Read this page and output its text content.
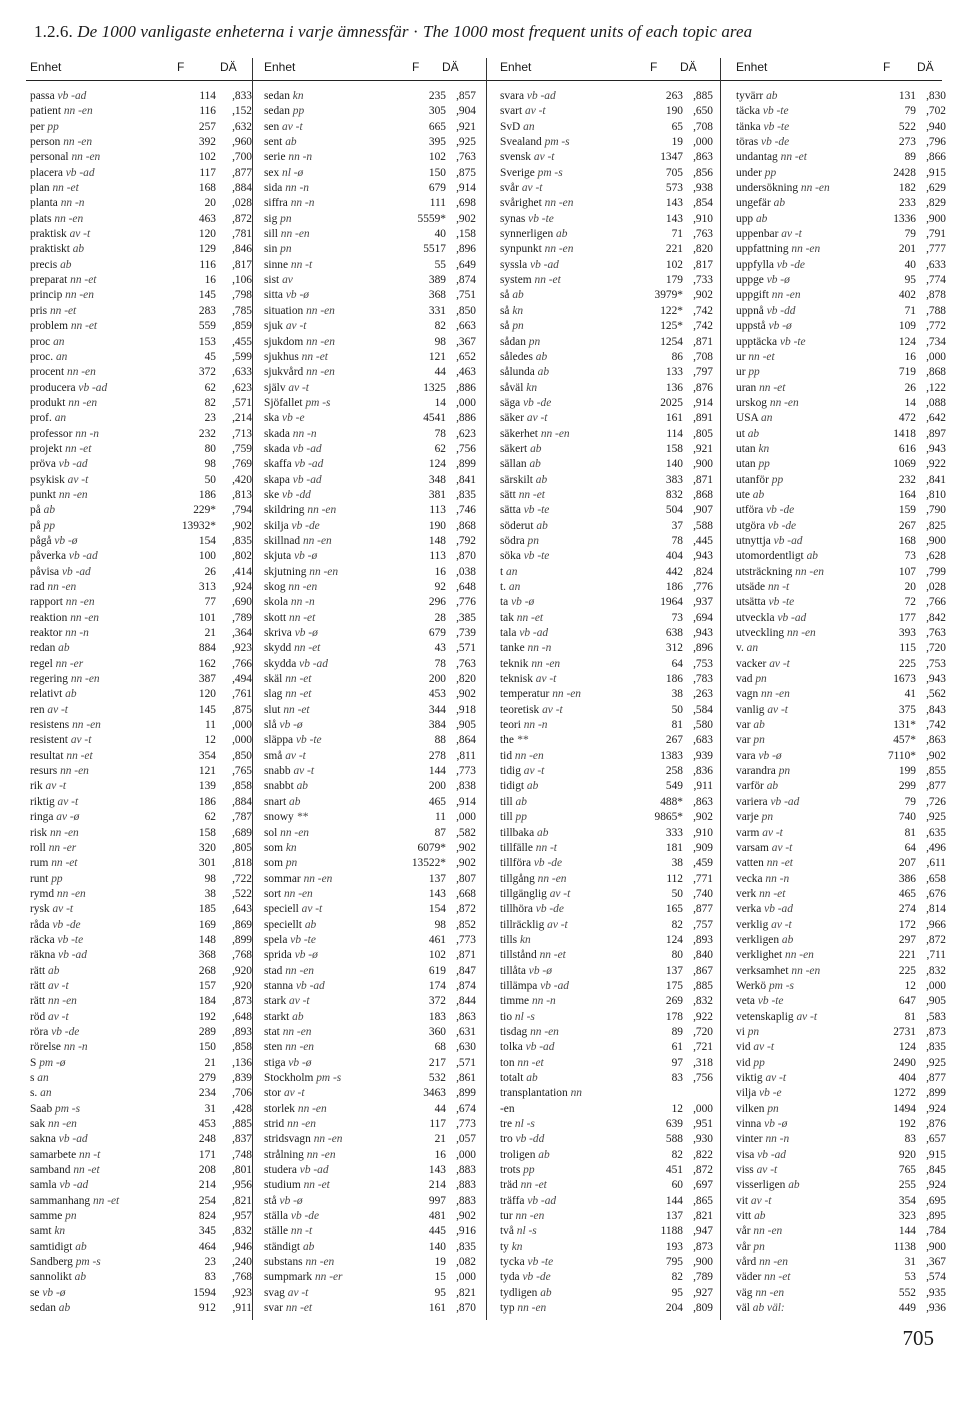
1.2.6. De 1000 vanligaste enheterna i varje ämnessfär · The 1000 most frequent units of each topic area
Enhet	F	DÄ Enhet	F DÄ	Enhet	F DÄ	Enhet	F DÄ
passa vb -ad	114 ,833
patient nn -en	116 ,152
per pp	257 ,632
person nn -en	392 ,960
personal nn -en	102 ,700
placera vb -ad	117 ,877
plan nn -et	168 ,884
planta nn -n	20 ,028
plats nn -en	463 ,872
praktisk av -t	120 ,781
praktiskt ab	129 ,846
precis ab	116 ,817
preparat nn -et	16 ,106
princip nn -en	145 ,798
pris nn -et	283 ,785
problem nn -et	559 ,859
proc an	153 ,455
proc. an	45 ,599
procent nn -en	372 ,633
producera vb -ad	62 ,623
produkt nn -en	82 ,571
prof. an	23 ,214
professor nn -n	232 ,713
projekt nn -et	80 ,759
pröva vb -ad	98 ,769
psykisk av -t	50 ,420
punkt nn -en	186 ,813
på ab	229* ,794
på pp	13932* ,902
pågå vb -ø	154 ,835
påverka vb -ad	100 ,802
påvisa vb -ad	26 ,414
rad nn -en	313 ,924
rapport nn -en	77 ,690
reaktion nn -en	101 ,789
reaktor nn -n	21 ,364
redan ab	884 ,923
regel nn -er	162 ,766
regering nn -en	387 ,494
relativt ab	120 ,761
ren av -t	145 ,875
resistens nn -en	11 ,000
resistent av -t	12 ,000
resultat nn -et	354 ,850
resurs nn -en	121 ,765
rik av -t	139 ,858
riktig av -t	186 ,884
ringa av -ø	62 ,787
risk nn -en	158 ,689
roll nn -er	320 ,805
rum nn -et	301 ,818
runt pp	98 ,722
rymd nn -en	38 ,522
rysk av -t	185 ,643
råda vb -de	169 ,869
räcka vb -te	148 ,899
räkna vb -ad	368 ,768
rätt ab	268 ,920
rätt av -t	157 ,920
rätt nn -en	184 ,873
röd av -t	192 ,648
röra vb -de	289 ,893
rörelse nn -n	150 ,858
S pm -ø	21 ,136
s an	279 ,839
s. an	234 ,706
Saab pm -s	31 ,428
sak nn -en	453 ,885
sakna vb -ad	248 ,837
samarbete nn -t	171 ,748
samband nn -et	208 ,801
samla vb -ad	214 ,956
sammanhang nn -et	254 ,821
samme pn	824 ,957
samt kn	345 ,832
samtidigt ab	464 ,946
Sandberg pm -s	23 ,240
sannolikt ab	83 ,768
se vb -ø	1594 ,923
sedan ab	912 ,911
sedan kn	235 ,857
sedan pp	305 ,904
sen av -t	665 ,921
sent ab	395 ,925
serie nn -n	102 ,763
sex nl -ø	150 ,875
sida nn -n	679 ,914
siffra nn -n	111 ,698
sig pn	5559* ,902
sill nn -en	40 ,158
sin pn	5517 ,896
sinne nn -t	55 ,649
sist av	389 ,874
sitta vb -ø	368 ,751
situation nn -en	331 ,850
sjuk av -t	82 ,663
sjukdom nn -en	98 ,367
sjukhus nn -et	121 ,652
sjukvård nn -en	44 ,463
själv av -t	1325 ,886
Sjöfallet pm -s	14 ,000
ska vb -e	4541 ,886
skada nn -n	78 ,623
skada vb -ad	62 ,756
skaffa vb -ad	124 ,899
skapa vb -ad	348 ,841
ske vb -dd	381 ,835
skildring nn -en	113 ,746
skilja vb -de	190 ,868
skillnad nn -en	148 ,792
skjuta vb -ø	113 ,870
skjutning nn -en	16 ,038
skog nn -en	92 ,648
skola nn -n	296 ,776
skott nn -et	28 ,385
skriva vb -ø	679 ,739
skydd nn -et	43 ,571
skydda vb -ad	78 ,763
skäl nn -et	200 ,820
slag nn -et	453 ,902
slut nn -et	344 ,918
slå vb -ø	384 ,905
släppa vb -te	88 ,864
små av -t	278 ,811
snabb av -t	144 ,773
snabbt ab	200 ,838
snart ab	465 ,914
snowy **	11 ,000
sol nn -en	87 ,582
som kn	6079* ,902
som pn	13522* ,902
sommar nn -en	137 ,807
sort nn -en	143 ,668
speciell av -t	154 ,872
speciellt ab	98 ,852
spela vb -te	461 ,773
sprida vb -ø	102 ,871
stad nn -en	619 ,847
stanna vb -ad	174 ,874
stark av -t	372 ,844
starkt ab	183 ,863
stat nn -en	360 ,631
sten nn -en	68 ,630
stiga vb -ø	217 ,571
Stockholm pm -s	532 ,861
stor av -t	3463 ,899
storlek nn -en	44 ,674
strid nn -en	117 ,773
stridsvagn nn -en	21 ,057
strålning nn -en	16 ,000
studera vb -ad	143 ,883
studium nn -et	214 ,883
stå vb -ø	997 ,883
ställa vb -de	481 ,902
ställe nn -t	445 ,916
ständigt ab	140 ,835
substans nn -en	19 ,082
sumpmark nn -er	15 ,000
svag av -t	95 ,821
svar nn -et	161 ,870
svara vb -ad	263 ,885
svart av -t	190 ,650
SvD an	65 ,708
Svealand pm -s	19 ,000
svensk av -t	1347 ,863
Sverige pm -s	705 ,856
svår av -t	573 ,938
svårighet nn -en	143 ,854
synas vb -te	143 ,910
synnerligen ab	71 ,763
synpunkt nn -en	221 ,820
syssla vb -ad	102 ,817
system nn -et	179 ,733
så ab	3979* ,902
så kn	122* ,742
så pn	125* ,742
sådan pn	1254 ,871
således ab	86 ,708
sålunda ab	133 ,797
såväl kn	136 ,876
säga vb -de	2025 ,914
säker av -t	161 ,891
säkerhet nn -en	114 ,805
säkert ab	158 ,921
sällan ab	140 ,900
särskilt ab	383 ,871
sätt nn -et	832 ,868
sätta vb -te	504 ,907
söderut ab	37 ,588
södra pn	78 ,445
söka vb -te	404 ,943
t an	442 ,824
t. an	186 ,776
ta vb -ø	1964 ,937
tak nn -et	73 ,694
tala vb -ad	638 ,943
tanke nn -n	312 ,896
teknik nn -en	64 ,753
teknisk av -t	186 ,783
temperatur nn -en	38 ,263
teoretisk av -t	50 ,584
teori nn -n	81 ,580
the **	267 ,683
tid nn -en	1383 ,939
tidig av -t	258 ,836
tidigt ab	549 ,911
till ab	488* ,863
till pp	9865* ,902
tillbaka ab	333 ,910
tillfälle nn -t	181 ,909
tillföra vb -de	38 ,459
tillgång nn -en	112 ,771
tillgänglig av -t	50 ,740
tillhöra vb -de	165 ,877
tillräcklig av -t	82 ,757
tills kn	124 ,893
tillstånd nn -et	80 ,840
tillåta vb -ø	137 ,867
tillämpa vb -ad	175 ,885
timme nn -n	269 ,832
tio nl -s	178 ,922
tisdag nn -en	89 ,720
tolka vb -ad	61 ,721
ton nn -et	97 ,318
totalt ab	83 ,756
transplantation nn
-en	12 ,000
tre nl -s	639 ,951
tro vb -dd	588 ,930
troligen ab	82 ,822
trots pp	451 ,872
träd nn -et	60 ,697
träffa vb -ad	144 ,865
tur nn -en	137 ,821
två nl -s	1188 ,947
ty kn	193 ,873
tycka vb -te	795 ,900
tyda vb -de	82 ,789
tydligen ab	95 ,927
typ nn -en	204 ,809
tyvärr ab	131 ,830
täcka vb -te	79 ,702
tänka vb -te	522 ,940
töras vb -de	273 ,796
undantag nn -et	89 ,866
under pp	2428 ,915
undersökning nn -en	182 ,629
ungefär ab	233 ,829
upp ab	1336 ,900
uppenbar av -t	79 ,791
uppfattning nn -en	201 ,777
uppfylla vb -de	40 ,633
uppge vb -ø	95 ,774
uppgift nn -en	402 ,878
uppnå vb -dd	71 ,788
uppstå vb -ø	109 ,772
upptäcka vb -te	124 ,734
ur nn -et	16 ,000
ur pp	719 ,868
uran nn -et	26 ,122
urskog nn -en	14 ,088
USA an	472 ,642
ut ab	1418 ,897
utan kn	616 ,943
utan pp	1069 ,922
utanför pp	232 ,841
ute ab	164 ,810
utföra vb -de	159 ,790
utgöra vb -de	267 ,825
utnyttja vb -ad	168 ,900
utomordentligt ab	73 ,628
utsträckning nn -en	107 ,799
utsäde nn -t	20 ,028
utsätta vb -te	72 ,766
utveckla vb -ad	177 ,842
utveckling nn -en	393 ,763
v. an	115 ,720
vacker av -t	225 ,753
vad pn	1673 ,943
vagn nn -en	41 ,562
vanlig av -t	375 ,843
var ab	131* ,742
var pn	457* ,863
vara vb -ø	7110* ,902
varandra pn	199 ,855
varför ab	299 ,877
variera vb -ad	79 ,726
varje pn	740 ,925
varm av -t	81 ,635
varsam av -t	64 ,496
vatten nn -et	207 ,611
vecka nn -n	386 ,658
verk nn -et	465 ,676
verka vb -ad	274 ,814
verklig av -t	172 ,966
verkligen ab	297 ,872
verklighet nn -en	221 ,711
verksamhet nn -en	225 ,832
Werkö pm -s	12 ,000
veta vb -te	647 ,905
vetenskaplig av -t	81 ,583
vi pn	2731 ,873
vid av -t	124 ,835
vid pp	2490 ,925
viktig av -t	404 ,877
vilja vb -e	1272 ,899
vilken pn	1494 ,924
vinna vb -ø	192 ,876
vinter nn -n	83 ,657
visa vb -ad	920 ,915
viss av -t	765 ,845
visserligen ab	255 ,924
vit av -t	354 ,695
vitt ab	323 ,895
vår nn -en	144 ,784
vår pn	1138 ,900
vård nn -en	31 ,367
väder nn -et	53 ,574
väg nn -en	552 ,935
väl ab väl:	449 ,936
705
